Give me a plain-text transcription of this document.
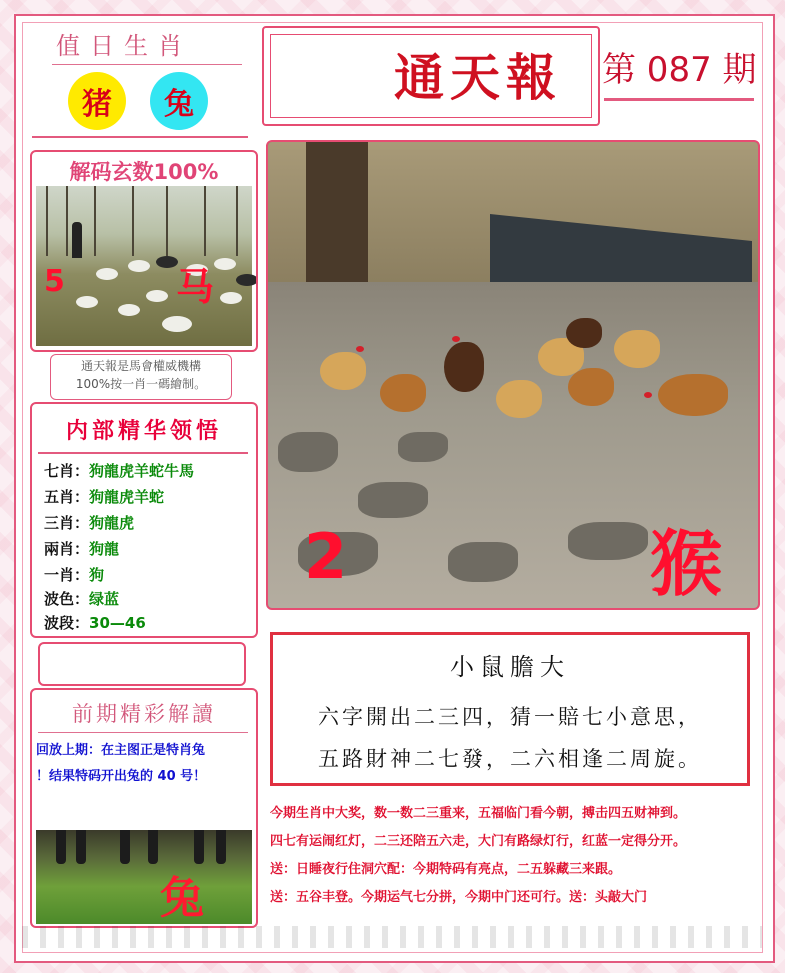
值日生肖
猪	兔
解码玄数100%
5	马
通天報是馬會權威機構
100%按一肖一碼繪制。
内部精华领悟
七肖：狗龍虎羊蛇牛馬
五肖：狗龍虎羊蛇
三肖：狗龍虎
兩肖：狗龍
一肖：狗
波色：绿蓝
波段：30—46
前期精彩解讀
回放上期：在主图正是特肖兔
！结果特码开出兔的 40 号！
兔
通天報 第 087 期
2	猴
小鼠膽大
六字開出二三四，猜一賠七小意思，
五路財神二七發，二六相逢二周旋。
今期生肖中大奖，数一数二三重来，五福临门看今朝，搏击四五财神到。
四七有运闹红灯，二三还陪五六走，大门有路绿灯行，红蓝一定得分开。
送：日睡夜行住洞穴配：今期特码有亮点，二五躲藏三来跟。
送：五谷丰登。今期运气七分拼，今期中门还可行。送：头敲大门
